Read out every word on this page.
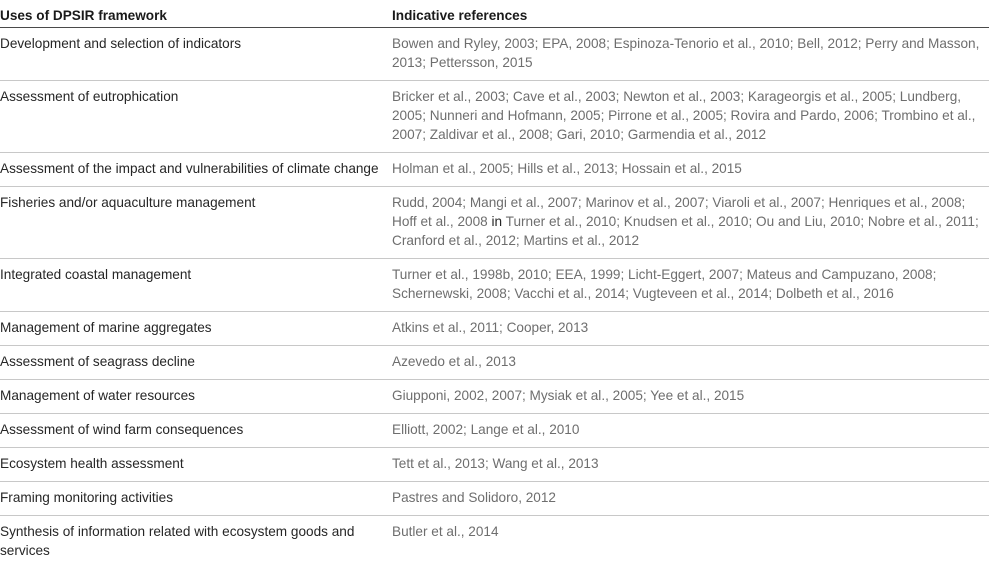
Uses of DPSIR framework	Indicative references
Development and selection of indicators	Bowen and Ryley, 2003; EPA, 2008; Espinoza-Tenorio et al., 2010; Bell, 2012; Perry and Masson, 2013; Pettersson, 2015
Assessment of eutrophication	Bricker et al., 2003; Cave et al., 2003; Newton et al., 2003; Karageorgis et al., 2005; Lundberg, 2005; Nunneri and Hofmann, 2005; Pirrone et al., 2005; Rovira and Pardo, 2006; Trombino et al., 2007; Zaldivar et al., 2008; Gari, 2010; Garmendia et al., 2012
Assessment of the impact and vulnerabilities of climate change	Holman et al., 2005; Hills et al., 2013; Hossain et al., 2015
Fisheries and/or aquaculture management	Rudd, 2004; Mangi et al., 2007; Marinov et al., 2007; Viaroli et al., 2007; Henriques et al., 2008; Hoff et al., 2008 in Turner et al., 2010; Knudsen et al., 2010; Ou and Liu, 2010; Nobre et al., 2011; Cranford et al., 2012; Martins et al., 2012
Integrated coastal management	Turner et al., 1998b, 2010; EEA, 1999; Licht-Eggert, 2007; Mateus and Campuzano, 2008; Schernewski, 2008; Vacchi et al., 2014; Vugteveen et al., 2014; Dolbeth et al., 2016
Management of marine aggregates	Atkins et al., 2011; Cooper, 2013
Assessment of seagrass decline	Azevedo et al., 2013
Management of water resources	Giupponi, 2002, 2007; Mysiak et al., 2005; Yee et al., 2015
Assessment of wind farm consequences	Elliott, 2002; Lange et al., 2010
Ecosystem health assessment	Tett et al., 2013; Wang et al., 2013
Framing monitoring activities	Pastres and Solidoro, 2012
Synthesis of information related with ecosystem goods and services	Butler et al., 2014
